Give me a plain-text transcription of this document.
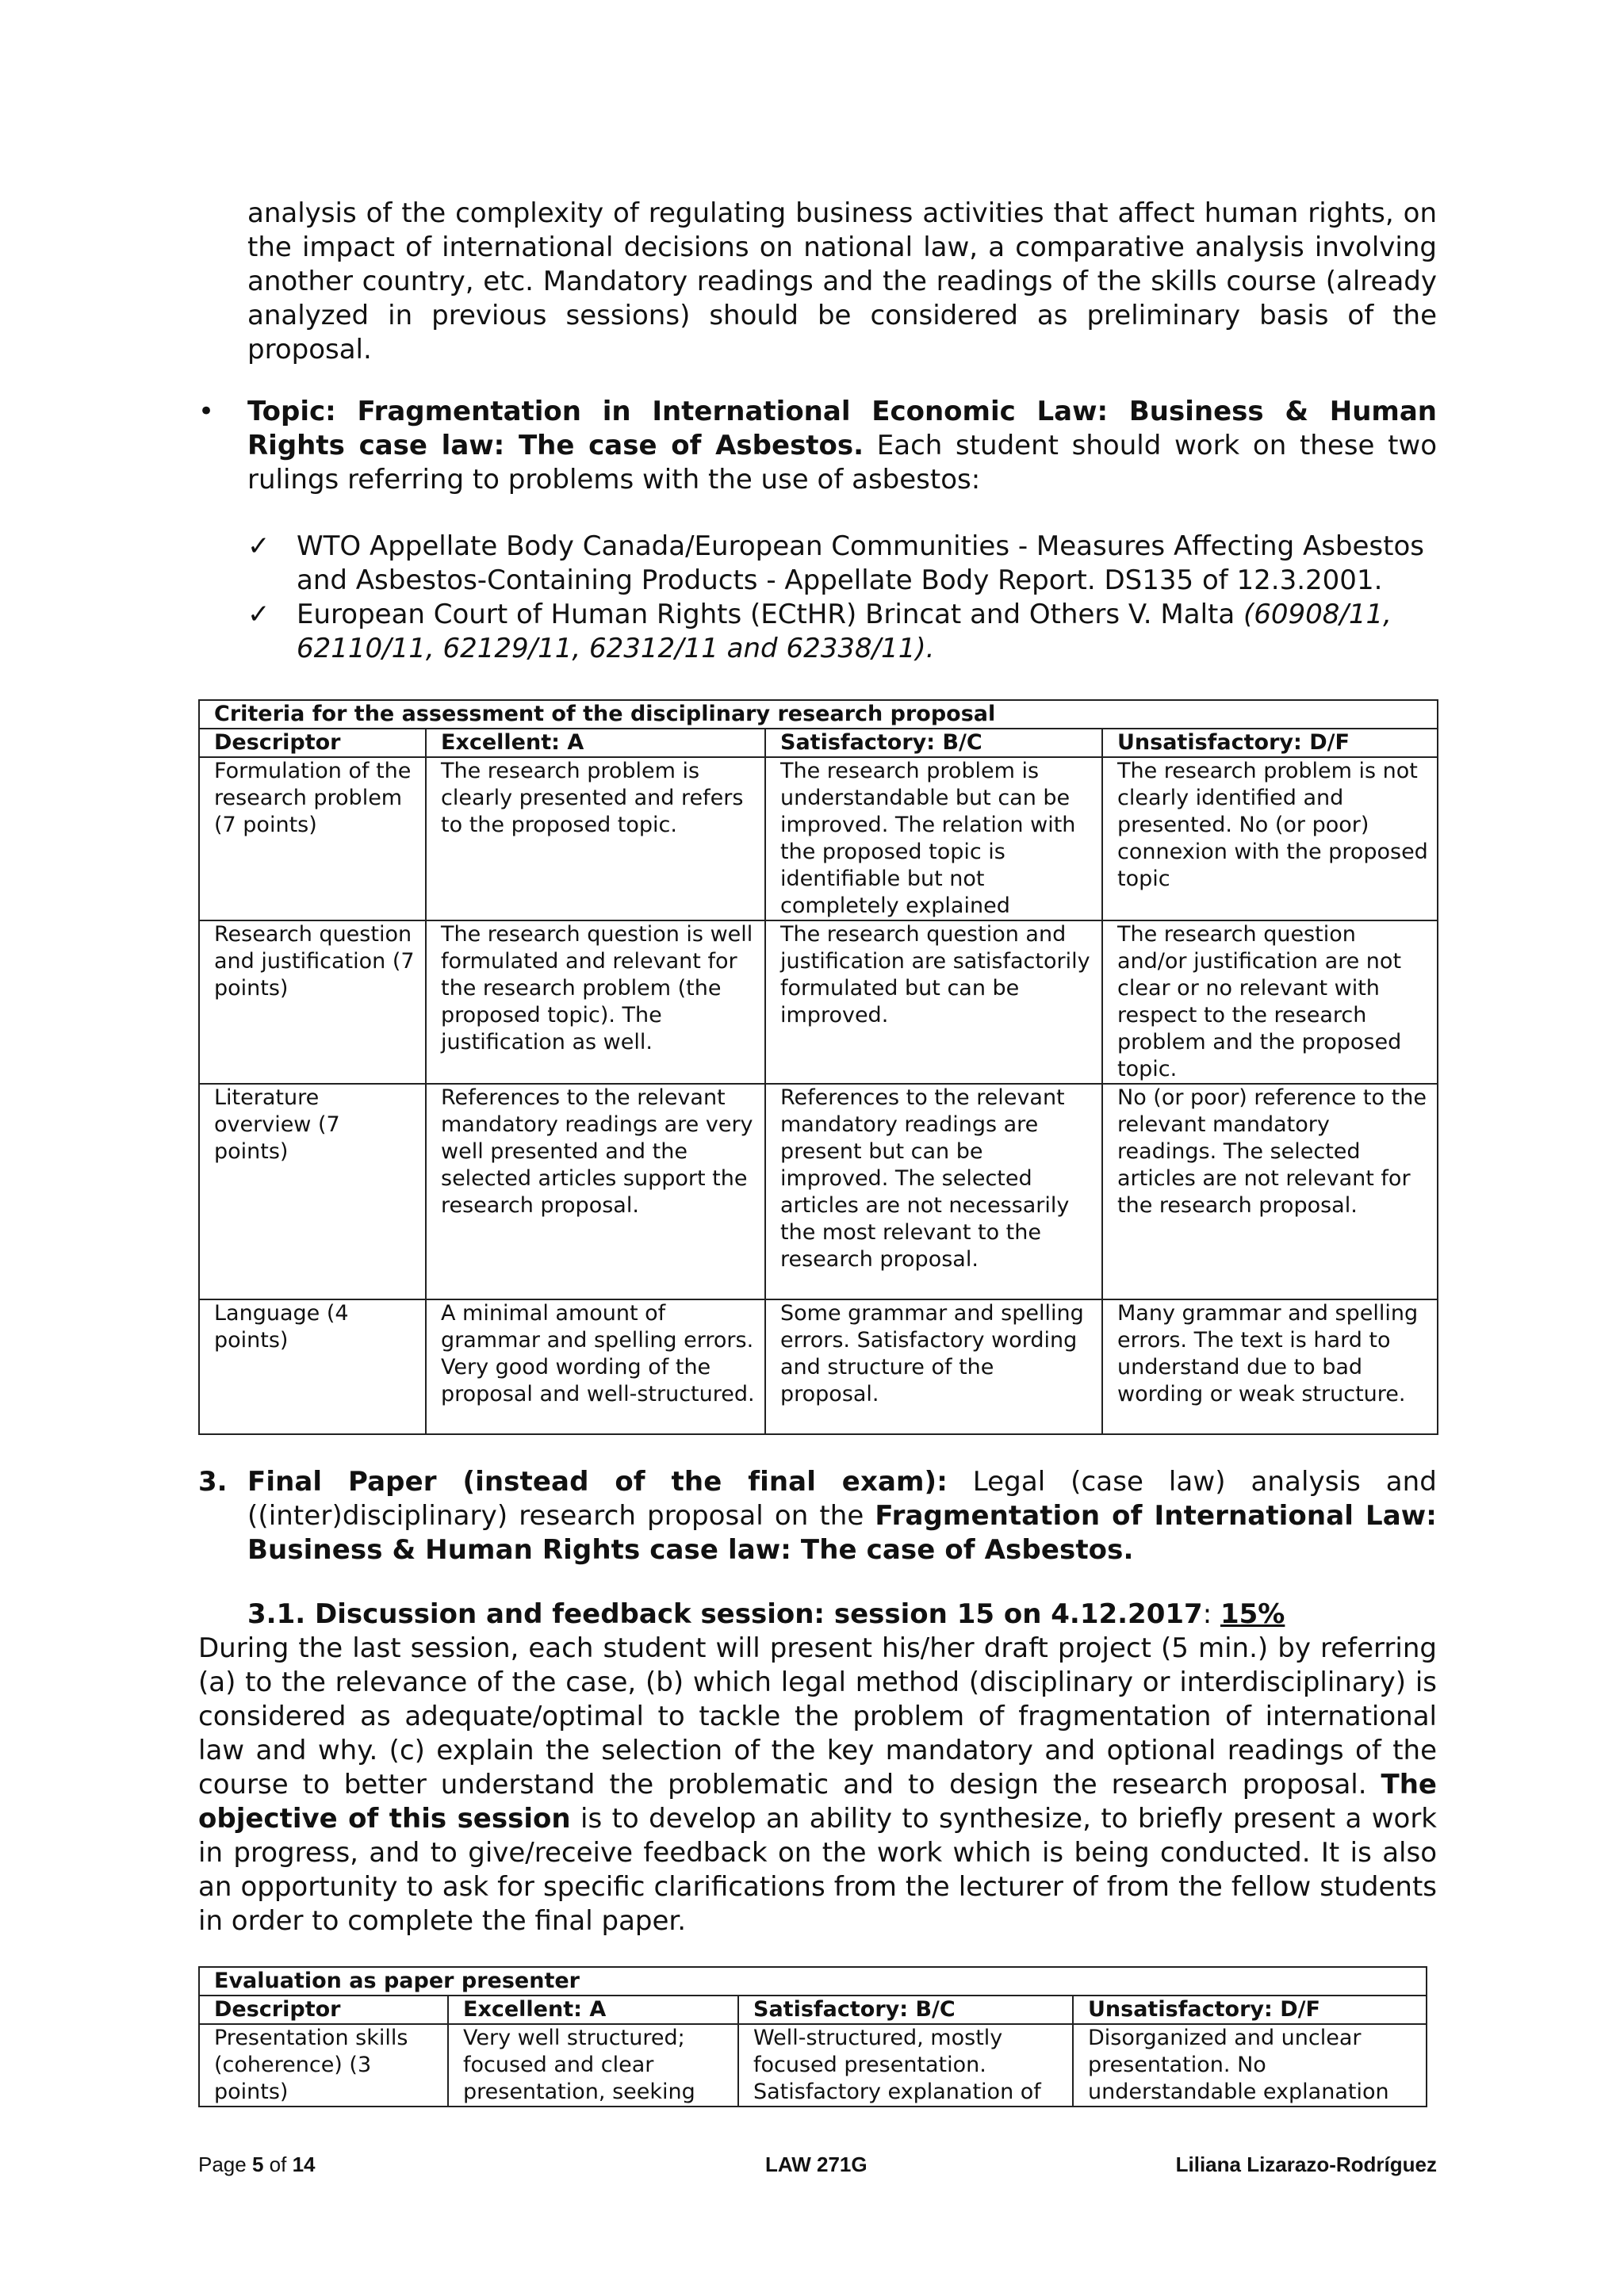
analysis of the complexity of regulating business activities that affect human rights, on the impact of international decisions on national law, a comparative analysis involving another country, etc. Mandatory readings and the readings of the skills course (already analyzed in previous sessions) should be considered as preliminary basis of the proposal.

• Topic: Fragmentation in International Economic Law: Business & Human Rights case law: The case of Asbestos. Each student should work on these two rulings referring to problems with the use of asbestos:

✓ WTO Appellate Body Canada/European Communities - Measures Affecting Asbestos and Asbestos-Containing Products - Appellate Body Report. DS135 of 12.3.2001.

✓ European Court of Human Rights (ECtHR) Brincat and Others V. Malta (60908/11, 62110/11, 62129/11, 62312/11 and 62338/11).

Criteria for the assessment of the disciplinary research proposal			
Descriptor	Excellent: A	Satisfactory: B/C	Unsatisfactory: D/F
Formulation of the research problem (7 points)	The research problem is clearly presented and refers to the proposed topic.	The research problem is understandable but can be improved. The relation with the proposed topic is identifiable but not completely explained	The research problem is not clearly identified and presented. No (or poor) connexion with the proposed topic
Research question and justification (7 points)	The research question is well formulated and relevant for the research problem (the proposed topic). The justification as well.	The research question and justification are satisfactorily formulated but can be improved.	The research question and/or justification are not clear or no relevant with respect to the research problem and the proposed topic.
Literature overview (7 points)	References to the relevant mandatory readings are very well presented and the selected articles support the research proposal.	References to the relevant mandatory readings are present but can be improved. The selected articles are not necessarily the most relevant to the research proposal.	No (or poor) reference to the relevant mandatory readings. The selected articles are not relevant for the research proposal.
Language (4 points)	A minimal amount of grammar and spelling errors. Very good wording of the proposal and well-structured.	Some grammar and spelling errors. Satisfactory wording and structure of the proposal.	Many grammar and spelling errors. The text is hard to understand due to bad wording or weak structure.
3. Final Paper (instead of the final exam): Legal (case law) analysis and ((inter)disciplinary) research proposal on the Fragmentation of International Law: Business & Human Rights case law: The case of Asbestos.
3.1. Discussion and feedback session: session 15 on 4.12.2017: 15%

During the last session, each student will present his/her draft project (5 min.) by referring (a) to the relevance of the case, (b) which legal method (disciplinary or interdisciplinary) is considered as adequate/optimal to tackle the problem of fragmentation of international law and why. (c) explain the selection of the key mandatory and optional readings of the course to better understand the problematic and to design the research proposal. The objective of this session is to develop an ability to synthesize, to briefly present a work in progress, and to give/receive feedback on the work which is being conducted. It is also an opportunity to ask for specific clarifications from the lecturer of from the fellow students in order to complete the final paper.

Evaluation as paper presenter			
Descriptor	Excellent: A	Satisfactory: B/C	Unsatisfactory: D/F
Presentation skills (coherence) (3 points)	Very well structured; focused and clear presentation, seeking	Well-structured, mostly focused presentation. Satisfactory explanation of	Disorganized and unclear presentation. No understandable explanation
Page 5 of 14	LAW 271G	Liliana Lizarazo-Rodríguez
